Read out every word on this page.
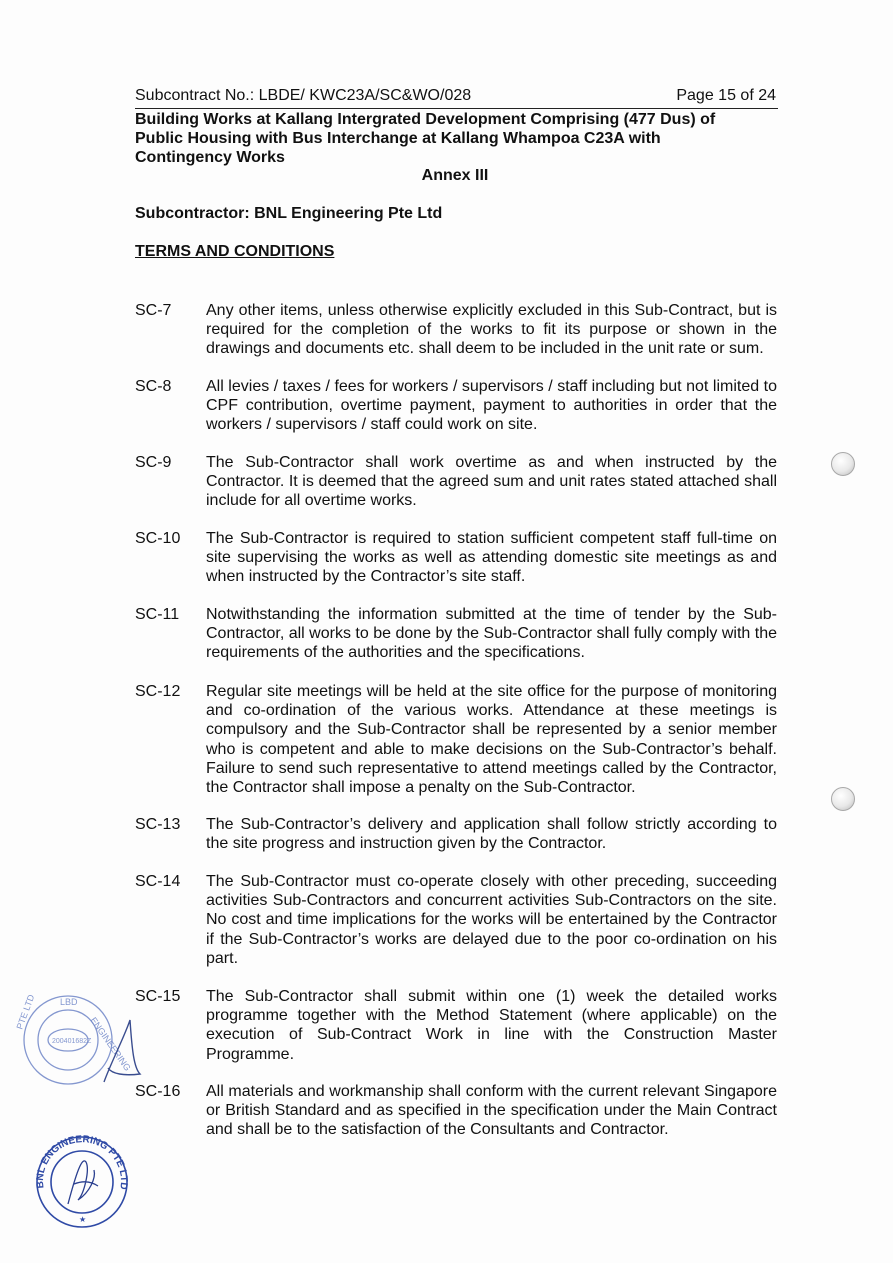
Subcontract No.: LBDE/ KWC23A/SC&WO/028	Page 15 of 24
Building Works at Kallang Intergrated Development Comprising (477 Dus) of
Public Housing with Bus Interchange at Kallang Whampoa C23A with
Contingency Works
Annex III
Subcontractor: BNL Engineering Pte Ltd
TERMS AND CONDITIONS
SC-7 Any other items, unless otherwise explicitly excluded in this Sub-Contract, but is required for the completion of the works to fit its purpose or shown in the drawings and documents etc. shall deem to be included in the unit rate or sum.
SC-8 All levies / taxes / fees for workers / supervisors / staff including but not limited to CPF contribution, overtime payment, payment to authorities in order that the workers / supervisors / staff could work on site.
SC-9 The Sub-Contractor shall work overtime as and when instructed by the Contractor. It is deemed that the agreed sum and unit rates stated attached shall include for all overtime works.
SC-10 The Sub-Contractor is required to station sufficient competent staff full-time on site supervising the works as well as attending domestic site meetings as and when instructed by the Contractor’s site staff.
SC-11 Notwithstanding the information submitted at the time of tender by the Sub-Contractor, all works to be done by the Sub-Contractor shall fully comply with the requirements of the authorities and the specifications.
SC-12 Regular site meetings will be held at the site office for the purpose of monitoring and co-ordination of the various works. Attendance at these meetings is compulsory and the Sub-Contractor shall be represented by a senior member who is competent and able to make decisions on the Sub-Contractor’s behalf. Failure to send such representative to attend meetings called by the Contractor, the Contractor shall impose a penalty on the Sub-Contractor.
SC-13 The Sub-Contractor’s delivery and application shall follow strictly according to the site progress and instruction given by the Contractor.
SC-14 The Sub-Contractor must co-operate closely with other preceding, succeeding activities Sub-Contractors and concurrent activities Sub-Contractors on the site. No cost and time implications for the works will be entertained by the Contractor if the Sub-Contractor’s works are delayed due to the poor co-ordination on his part.
SC-15 The Sub-Contractor shall submit within one (1) week the detailed works programme together with the Method Statement (where applicable) on the execution of Sub-Contract Work in line with the Construction Master Programme.
SC-16 All materials and workmanship shall conform with the current relevant Singapore or British Standard and as specified in the specification under the Main Contract and shall be to the satisfaction of the Consultants and Contractor.
LBD
ENGINEERING
PTE LTD
200401682Z
BNL ENGINEERING PTE LTD
★
